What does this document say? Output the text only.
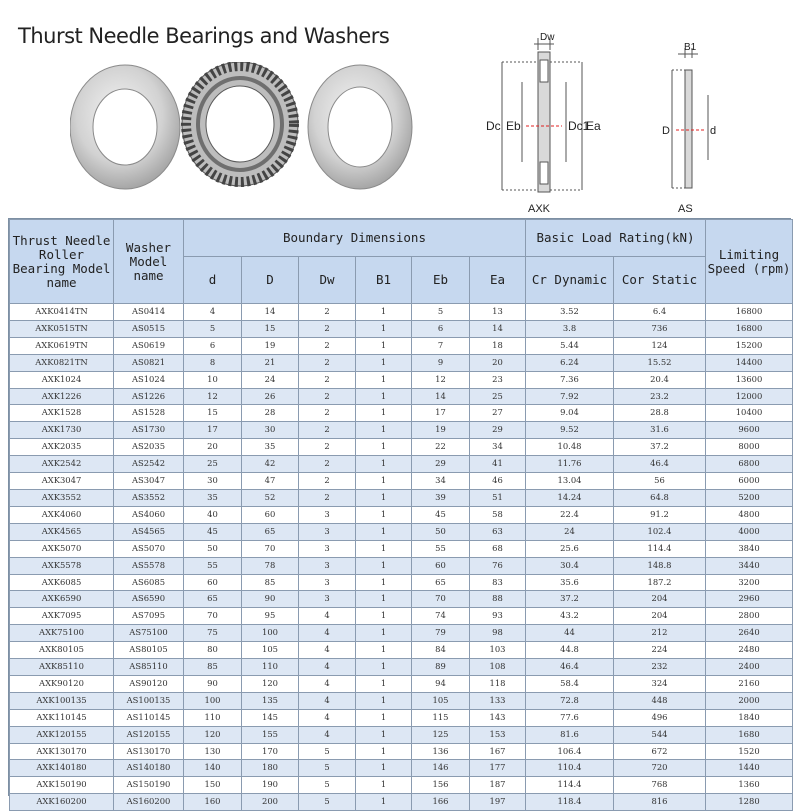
Thurst Needle Bearings and Washers	Dw
Dc Eb	Dc1
Ea
AXK
B1
D	d
AS
Thrust Needle Roller Bearing Model name	Washer Model name	Boundary Dimensions						Basic Load Rating(kN)		Limiting Speed (rpm)
		d	D	Dw	B1	Eb	Ea	Cr Dynamic	Cor Static	
AXK0414TN	AS0414	4	14	2	1	5	13	3.52	6.4	16800
AXK0515TN	AS0515	5	15	2	1	6	14	3.8	736	16800
AXK0619TN	AS0619	6	19	2	1	7	18	5.44	124	15200
AXK0821TN	AS0821	8	21	2	1	9	20	6.24	15.52	14400
AXK1024	AS1024	10	24	2	1	12	23	7.36	20.4	13600
AXK1226	AS1226	12	26	2	1	14	25	7.92	23.2	12000
AXK1528	AS1528	15	28	2	1	17	27	9.04	28.8	10400
AXK1730	AS1730	17	30	2	1	19	29	9.52	31.6	9600
AXK2035	AS2035	20	35	2	1	22	34	10.48	37.2	8000
AXK2542	AS2542	25	42	2	1	29	41	11.76	46.4	6800
AXK3047	AS3047	30	47	2	1	34	46	13.04	56	6000
AXK3552	AS3552	35	52	2	1	39	51	14.24	64.8	5200
AXK4060	AS4060	40	60	3	1	45	58	22.4	91.2	4800
AXK4565	AS4565	45	65	3	1	50	63	24	102.4	4000
AXK5070	AS5070	50	70	3	1	55	68	25.6	114.4	3840
AXK5578	AS5578	55	78	3	1	60	76	30.4	148.8	3440
AXK6085	AS6085	60	85	3	1	65	83	35.6	187.2	3200
AXK6590	AS6590	65	90	3	1	70	88	37.2	204	2960
AXK7095	AS7095	70	95	4	1	74	93	43.2	204	2800
AXK75100	AS75100	75	100	4	1	79	98	44	212	2640
AXK80105	AS80105	80	105	4	1	84	103	44.8	224	2480
AXK85110	AS85110	85	110	4	1	89	108	46.4	232	2400
AXK90120	AS90120	90	120	4	1	94	118	58.4	324	2160
AXK100135	AS100135	100	135	4	1	105	133	72.8	448	2000
AXK110145	AS110145	110	145	4	1	115	143	77.6	496	1840
AXK120155	AS120155	120	155	4	1	125	153	81.6	544	1680
AXK130170	AS130170	130	170	5	1	136	167	106.4	672	1520
AXK140180	AS140180	140	180	5	1	146	177	110.4	720	1440
AXK150190	AS150190	150	190	5	1	156	187	114.4	768	1360
AXK160200	AS160200	160	200	5	1	166	197	118.4	816	1280
